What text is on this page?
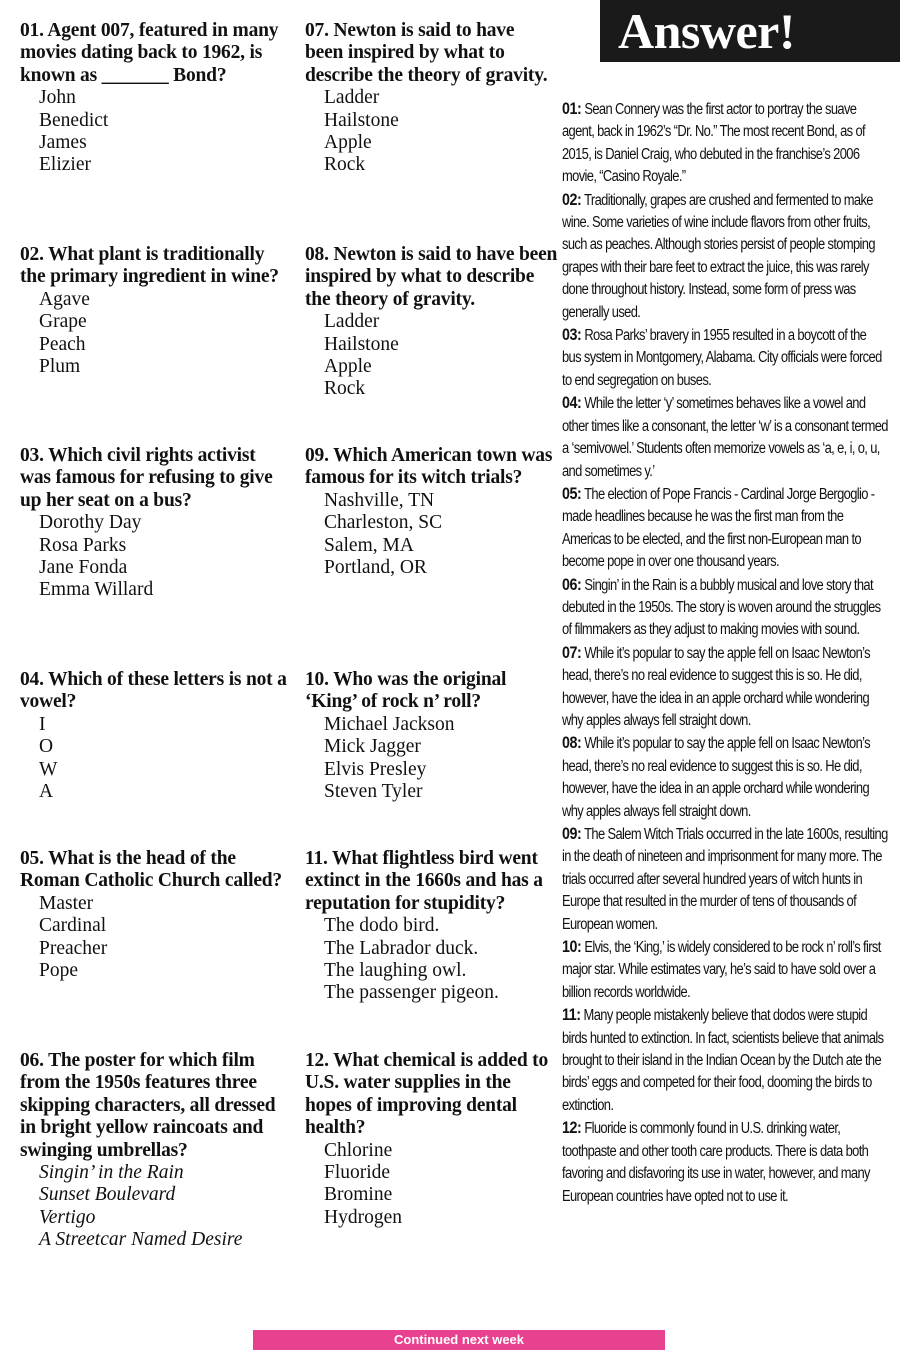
01. Agent 007, featured in many movies dating back to 1962, is known as _______ Bond?

John
Benedict
James
Elizier

02. What plant is traditionally the primary ingredient in wine?

Agave
Grape
Peach
Plum

03. Which civil rights activist was famous for refusing to give up her seat on a bus?

Dorothy Day
Rosa Parks
Jane Fonda
Emma Willard

04. Which of these letters is not a vowel?

I
O
W
A

05. What is the head of the Roman Catholic Church called?

Master
Cardinal
Preacher
Pope

06. The poster for which film from the 1950s features three skipping characters, all dressed in bright yellow raincoats and swinging umbrellas?

Singin’ in the Rain
Sunset Boulevard
Vertigo
A Streetcar Named Desire

07. Newton is said to have been inspired by what to describe the theory of gravity.

Ladder
Hailstone
Apple
Rock

08. Newton is said to have been inspired by what to describe the theory of gravity.

Ladder
Hailstone
Apple
Rock

09. Which American town was famous for its witch trials?

Nashville, TN
Charleston, SC
Salem, MA
Portland, OR

10. Who was the original ‘King’ of rock n’ roll?

Michael Jackson
Mick Jagger
Elvis Presley
Steven Tyler

11. What flightless bird went extinct in the 1660s and has a reputation for stupidity?

The dodo bird.
The Labrador duck.
The laughing owl.
The passenger pigeon.

12. What chemical is added to U.S. water supplies in the hopes of improving dental health?

Chlorine
Fluoride
Bromine
Hydrogen
Answer!

01: Sean Connery was the first actor to portray the suave agent, back in 1962’s “Dr. No.” The most recent Bond, as of 2015, is Daniel Craig, who debuted in the franchise’s 2006 movie, “Casino Royale.”

02: Traditionally, grapes are crushed and fermented to make wine. Some varieties of wine include flavors from other fruits, such as peaches. Although stories persist of people stomping grapes with their bare feet to extract the juice, this was rarely done throughout history. Instead, some form of press was generally used.

03: Rosa Parks’ bravery in 1955 resulted in a boycott of the bus system in Montgomery, Alabama. City officials were forced to end segregation on buses.

04: While the letter ‘y’ sometimes behaves like a vowel and other times like a consonant, the letter ‘w’ is a consonant termed a ‘semivowel.’ Students often memorize vowels as ‘a, e, i, o, u, and sometimes y.’

05: The election of Pope Francis - Cardinal Jorge Bergoglio - made headlines because he was the first man from the Americas to be elected, and the first non-European man to become pope in over one thousand years.

06: Singin’ in the Rain is a bubbly musical and love story that debuted in the 1950s. The story is woven around the struggles of filmmakers as they adjust to making movies with sound.

07: While it’s popular to say the apple fell on Isaac Newton’s head, there’s no real evidence to suggest this is so. He did, however, have the idea in an apple orchard while wondering why apples always fell straight down.

08: While it’s popular to say the apple fell on Isaac Newton’s head, there’s no real evidence to suggest this is so. He did, however, have the idea in an apple orchard while wondering why apples always fell straight down.

09: The Salem Witch Trials occurred in the late 1600s, resulting in the death of nineteen and imprisonment for many more. The trials occurred after several hundred years of witch hunts in Europe that resulted in the murder of tens of thousands of European women.

10: Elvis, the ‘King,’ is widely considered to be rock n’ roll’s first major star. While estimates vary, he’s said to have sold over a billion records worldwide.

11: Many people mistakenly believe that dodos were stupid birds hunted to extinction. In fact, scientists believe that animals brought to their island in the Indian Ocean by the Dutch ate the birds’ eggs and competed for their food, dooming the birds to extinction.

12: Fluoride is commonly found in U.S. drinking water, toothpaste and other tooth care products. There is data both favoring and disfavoring its use in water, however, and many European countries have opted not to use it.

Continued next week
